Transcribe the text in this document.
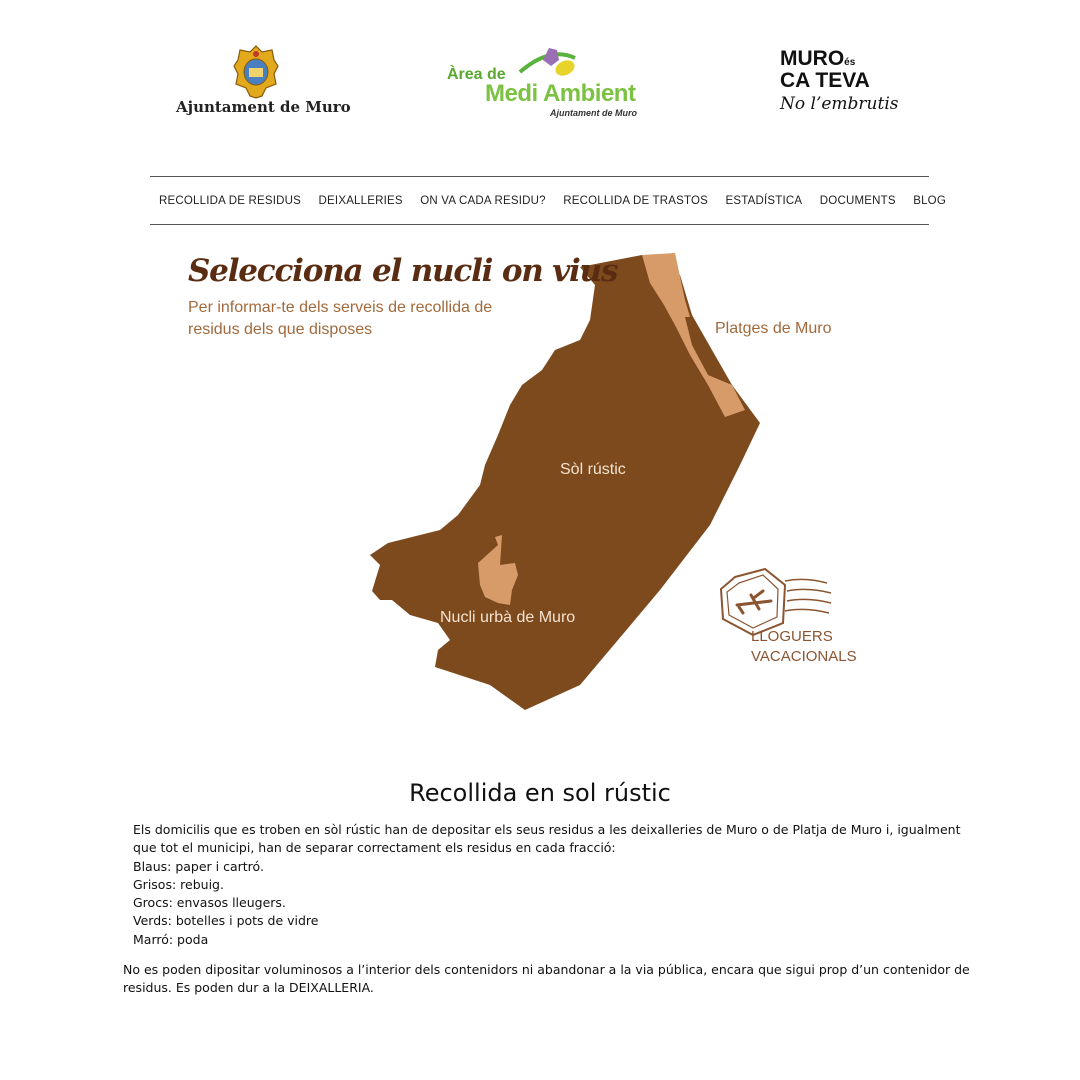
Ajuntament de Muro
Àrea de
Medi Ambient
Ajuntament de Muro
MUROés
CA TEVA
No l’embrutis
RECOLLIDA DE RESIDUS DEIXALLERIES ON VA CADA RESIDU? RECOLLIDA DE TRASTOS ESTADÍSTICA DOCUMENTS BLOG
Selecciona el nucli on vius
Per informar-te dels serveis de recollida de residus dels que disposes	Platges de Muro
Sòl rústic
Nucli urbà de Muro
LLOGUERS
VACACIONALS
Recollida en sol rústic

Els domicilis que es troben en sòl rústic han de depositar els seus residus a les deixalleries de Muro o de Platja de Muro i, igualment que tot el municipi, han de separar correctament els residus en cada fracció:

Blaus: paper i cartró.

Grisos: rebuig.

Grocs: envasos lleugers.

Verds: botelles i pots de vidre

Marró: poda

No es poden dipositar voluminosos a l’interior dels contenidors ni abandonar a la via pública, encara que sigui prop d’un contenidor de residus. Es poden dur a la DEIXALLERIA.
